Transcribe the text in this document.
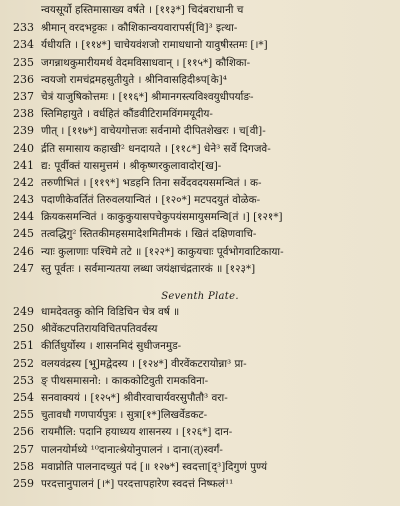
न्वयसूर्यो हस्तिमासाख्य वर्षते । [११३*] चिदंबराधानी च
233 श्रीमान् वरदभट्टकः । कौशिकान्वयवारापर्स[वि]³ इत्था-
234 र्यधीयति । [११४*] चाचेयवंशजो रामाधधानो यावुषीस्तमः [।*]
235 जगन्नाथकुमारीयमर्थ वेदमविसाधवान् । [११५*] कौशिका-
236 न्वयजो रामचंद्रमहसुतीयुते । श्रीनिवासहिदीश्र्प[के]⁴
237 चेत्रं याजुषिकोत्तमः । [११६*] श्रीमानगस्त्यविश्वयुधीपर्याङ-
238 स्तिमिहायुते । वर्धहितं कौंडवीटिरामविंगमयूदीय-
239 णीत् । [११७*] वाचेयगोत्तजः सर्वनामो दीपितशेखरः । च[वी]-
240 र्द्रति समासाय कहाखी² धनदायते । [११८*] धेने³ सर्वे दिगजवे-
241 द्य: पूर्वीक्तं यासमुत्तमं । श्रीकृष्णरकुलावादोर[ख]-
242 तरुणीभितं । [११९*] भडहनि तिना सर्वेदवदयसमन्वितं । क-
243 पदाणीकेवर्तितं तिरुवलयान्वितं । [१२०*] मटपदयुतं वोळेक-
244 क्रियकसमन्वितं । काकुकुयासपचेकुपयंसमायुसमन्वि[तं ।] [१२१*]
245 तत्वद्धिगु² स्तितकीमहसमादेशमितीमकं । खितं दक्षिणवाचि-
246 न्याः कुलाणाः पश्चिमे तटे ॥ [१२२*] काकुयचाः पूर्वभोगवाटिकाया-
247 स्तु पूर्वतः । सर्वमान्यतया लब्धा जयंक्षाचंद्रतारकं ॥ [१२३*]
Seventh Plate.
249 धामदेवतकु कोनि विडिचिन चेत्र वर्ष ॥
250 श्रीवेंकटपतिरायविचितपतिवर्वस्य
251 कीर्तिधुर्योस्य । शासनमिदं सुधीजनमुड-
252 वलयवंद्रस्य [भू]मद्वेदस्य । [१२४*] वीरवेंकटरायोन्ना³ प्रा-
253 ङ् पीथसमासनो: । काककोटिवुती रामकविना-
254 सनवाक्ययं । [१२५*] श्रीवीरवाचार्यवरसुपौतौ³ वरा-
255 चुतावधौ गणपार्यपुत्रः । सुत्रा[१*]लिखर्वेडकट-
256 रायमौलि: पदानि हयाध्यय शासनस्य । [१२६*] दान-
257 पालनयोर्मध्ये ¹⁰दानात्श्रेयोनुपालनं । दाना(त्)स्वर्गं-
258 मवाप्नोति पालनादच्युतं पदं [॥ १२७*] स्वदत्ता[द्³]दिगुणं पुण्यं
259 परदत्तानुपालनं [।*] परदत्तापहारेण स्वदत्तं निष्फलं¹¹
